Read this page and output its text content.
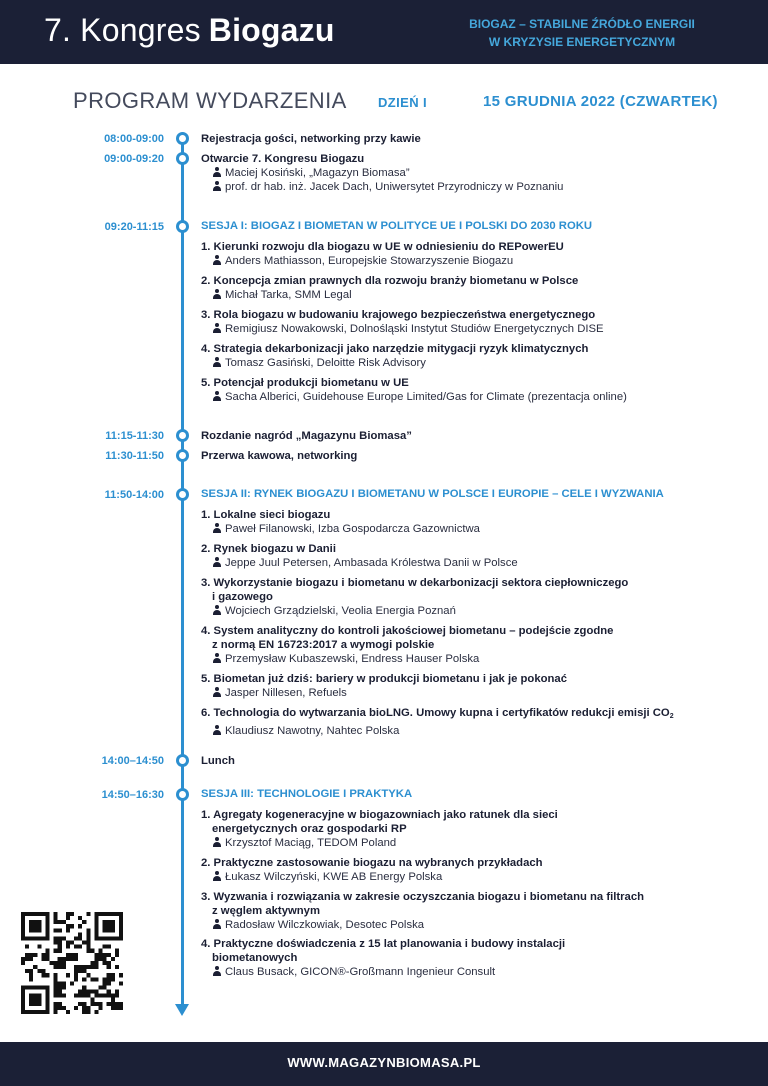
7. Kongres Biogazu	BIOGAZ – STABILNE ŹRÓDŁO ENERGII
W KRYZYSIE ENERGETYCZNYM
PROGRAM WYDARZENIA DZIEŃ I	15 GRUDNIA 2022 (CZWARTEK)
08:00-09:00	Rejestracja gości, networking przy kawie
09:00-09:20	Otwarcie 7. Kongresu Biogazu
Maciej Kosiński, „Magazyn Biomasa”
prof. dr hab. inż. Jacek Dach, Uniwersytet Przyrodniczy w Poznaniu
09:20-11:15	SESJA I: BIOGAZ I BIOMETAN W POLITYCE UE I POLSKI DO 2030 ROKU
1. Kierunki rozwoju dla biogazu w UE w odniesieniu do REPowerEU
Anders Mathiasson, Europejskie Stowarzyszenie Biogazu
2. Koncepcja zmian prawnych dla rozwoju branży biometanu w Polsce
Michał Tarka, SMM Legal
3. Rola biogazu w budowaniu krajowego bezpieczeństwa energetycznego
Remigiusz Nowakowski, Dolnośląski Instytut Studiów Energetycznych DISE
4. Strategia dekarbonizacji jako narzędzie mitygacji ryzyk klimatycznych
Tomasz Gasiński, Deloitte Risk Advisory
5. Potencjał produkcji biometanu w UE
Sacha Alberici, Guidehouse Europe Limited/Gas for Climate (prezentacja online)
11:15-11:30	Rozdanie nagród „Magazynu Biomasa”
11:30-11:50	Przerwa kawowa, networking
11:50-14:00	SESJA II: RYNEK BIOGAZU I BIOMETANU W POLSCE I EUROPIE – CELE I WYZWANIA
1. Lokalne sieci biogazu
Paweł Filanowski, Izba Gospodarcza Gazownictwa
2. Rynek biogazu w Danii
Jeppe Juul Petersen, Ambasada Królestwa Danii w Polsce
3. Wykorzystanie biogazu i biometanu w dekarbonizacji sektora ciepłowniczego
i gazowego
Wojciech Grządzielski, Veolia Energia Poznań
4. System analityczny do kontroli jakościowej biometanu – podejście zgodne
z normą EN 16723:2017 a wymogi polskie
Przemysław Kubaszewski, Endress Hauser Polska
5. Biometan już dziś: bariery w produkcji biometanu i jak je pokonać
Jasper Nillesen, Refuels
6. Technologia do wytwarzania bioLNG. Umowy kupna i certyfikatów redukcji emisji $CO_2$
Klaudiusz Nawotny, Nahtec Polska
14:00–14:50	Lunch
14:50–16:30	SESJA III: TECHNOLOGIE I PRAKTYKA
1. Agregaty kogeneracyjne w biogazowniach jako ratunek dla sieci
energetycznych oraz gospodarki RP
Krzysztof Maciąg, TEDOM Poland
2. Praktyczne zastosowanie biogazu na wybranych przykładach
Łukasz Wilczyński, KWE AB Energy Polska
3. Wyzwania i rozwiązania w zakresie oczyszczania biogazu i biometanu na filtrach
z węglem aktywnym
Radosław Wilczkowiak, Desotec Polska
4. Praktyczne doświadczenia z 15 lat planowania i budowy instalacji
biometanowych
Claus Busack, GICON®-Großmann Ingenieur Consult
WWW.MAGAZYNBIOMASA.PL
